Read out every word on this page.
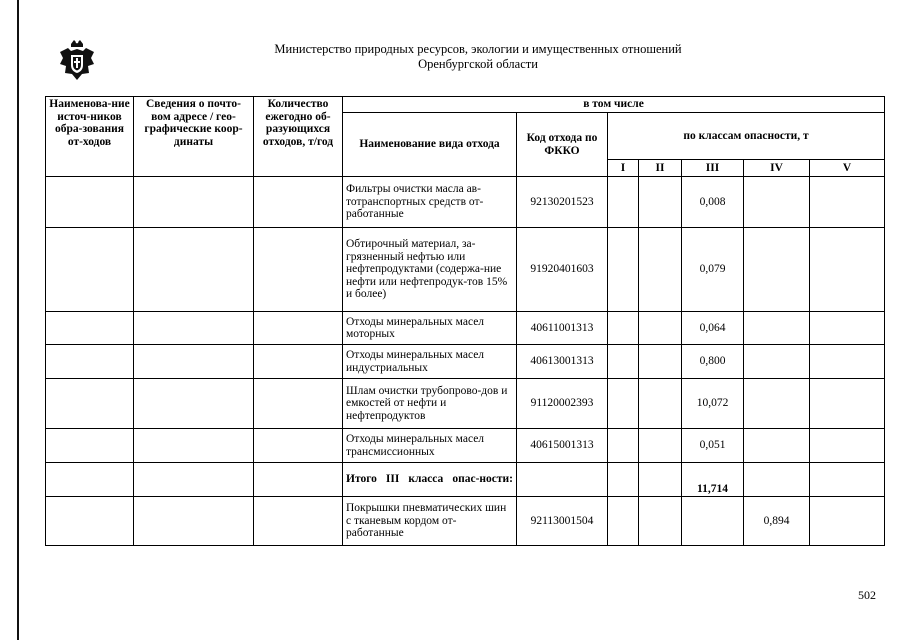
Министерство природных ресурсов, экологии и имущественных отношений
Оренбургской области
Наименова-ние источ-ников обра-зования от-ходов	Сведения о почто-вом адресе / гео-графические коор-динаты	Количество ежегодно об-разующихся отходов, т/год	в том числе						
			Наименование вида отхода	Код отхода по ФККО	по классам опасности, т				
					I	II	III	IV	V
			Фильтры очистки масла ав-тотранспортных средств от-работанные	92130201523			0,008		
			Обтирочный материал, за-грязненный нефтью или нефтепродуктами (содержа-ние нефти или нефтепродук-тов 15% и более)	91920401603			0,079		
			Отходы минеральных масел моторных	40611001313			0,064		
			Отходы минеральных масел индустриальных	40613001313			0,800		
			Шлам очистки трубопрово-дов и емкостей от нефти и нефтепродуктов	91120002393			10,072		
			Отходы минеральных масел трансмиссионных	40615001313			0,051		
			Итого III класса опас-ности:				11,714		
			Покрышки пневматических шин с тканевым кордом от-работанные	92113001504				0,894	
502
